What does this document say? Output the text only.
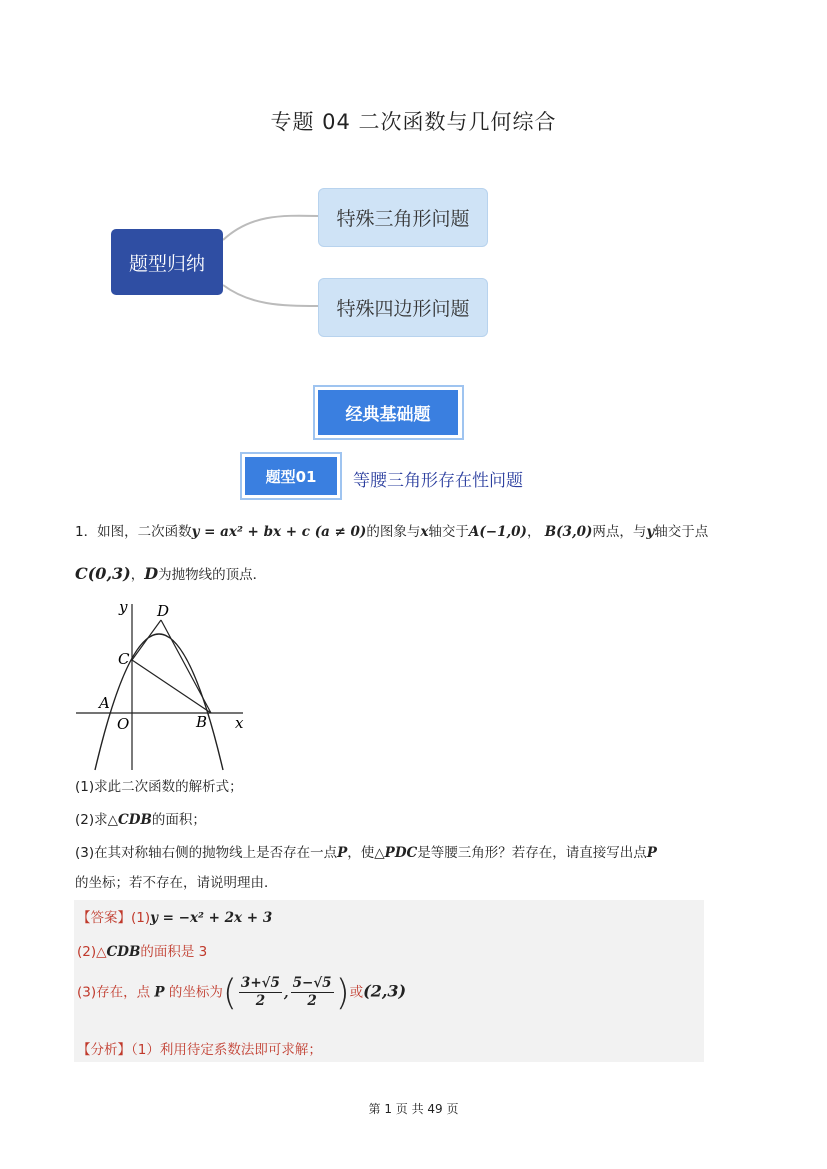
专题 04 二次函数与几何综合
题型归纳
特殊三角形问题
特殊四边形问题
经典基础题
题型01	等腰三角形存在性问题
1．如图，二次函数y = ax² + bx + c (a ≠ 0)的图象与x轴交于A(−1,0)， B(3,0)两点，与y轴交于点
C(0,3)，D为抛物线的顶点．
y
x
D
C
A
O	B
(1)求此二次函数的解析式；
(2)求△CDB的面积；
(3)在其对称轴右侧的抛物线上是否存在一点P，使△PDC是等腰三角形？若存在，请直接写出点P
的坐标；若不存在，请说明理由．
【答案】(1)y = −x² + 2x + 3
(2)△CDB的面积是 3
(3)存在，点 P 的坐标为( $\frac{3+√5}{2}$ , $\frac{5-√5}{2}$ )或(2,3)
【分析】（1）利用待定系数法即可求解；
第 1 页 共 49 页
